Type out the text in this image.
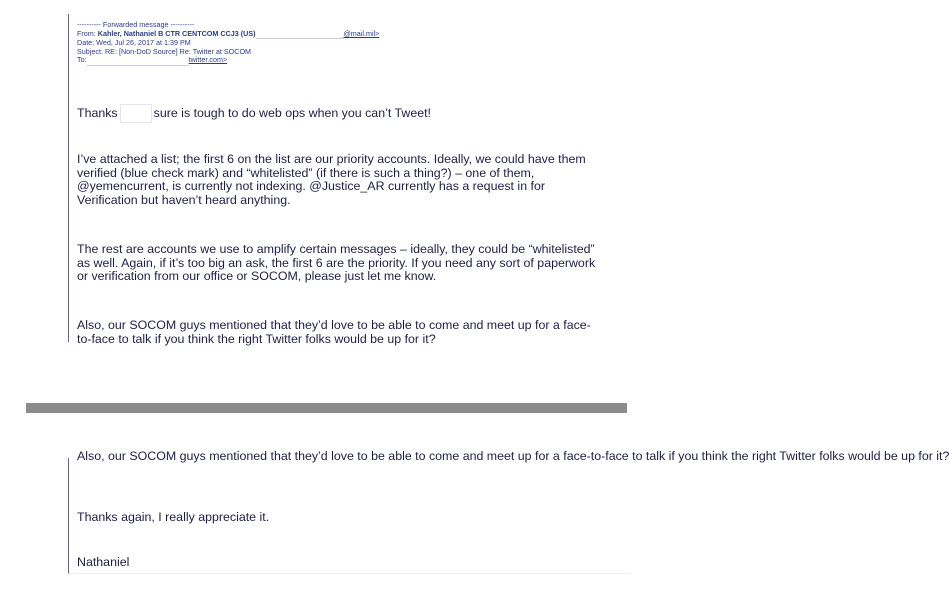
---------- Forwarded message ----------
From: Kahler, Nathaniel B CTR CENTCOM CCJ3 (US)	@mail.mil>
Date: Wed, Jul 26, 2017 at 1:39 PM
Subject: RE: [Non-DoD Source] Re: Twitter at SOCOM
To:	twitter.com>
Thanks	sure is tough to do web ops when you can’t Tweet!
I’ve attached a list; the first 6 on the list are our priority accounts. Ideally, we could have them verified (blue check mark) and “whitelisted” (if there is such a thing?) – one of them, @yemencurrent, is currently not indexing. @Justice_AR currently has a request in for Verification but haven’t heard anything.
The rest are accounts we use to amplify certain messages – ideally, they could be “whitelisted” as well. Again, if it’s too big an ask, the first 6 are the priority. If you need any sort of paperwork or verification from our office or SOCOM, please just let me know.
Also, our SOCOM guys mentioned that they’d love to be able to come and meet up for a face-to-face to talk if you think the right Twitter folks would be up for it?
Also, our SOCOM guys mentioned that they’d love to be able to come and meet up for a face-to-face to talk if you think the right Twitter folks would be up for it?
Thanks again, I really appreciate it.
Nathaniel
